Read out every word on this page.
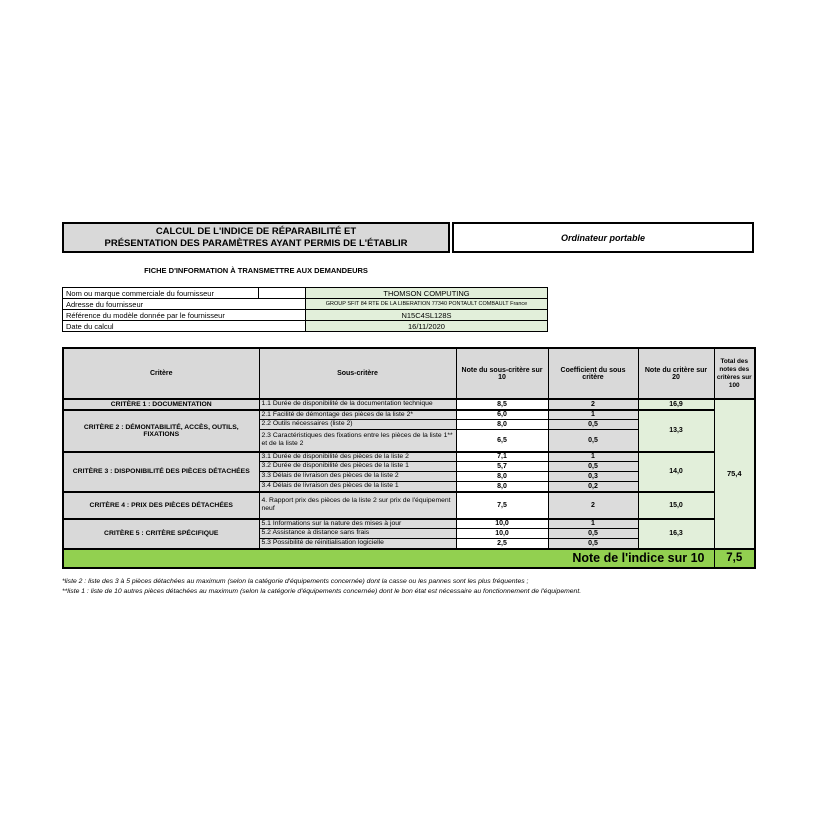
CALCUL DE L'INDICE DE RÉPARABILITÉ ET
PRÉSENTATION DES PARAMÈTRES AYANT PERMIS DE L'ÉTABLIR	Ordinateur portable
FICHE D'INFORMATION À TRANSMETTRE AUX DEMANDEURS
Nom ou marque commerciale du fournisseur		THOMSON COMPUTING
Adresse du fournisseur		GROUP SFIT 84 RTE DE LA LIBERATION 77340 PONTAULT COMBAULT France
Référence du modèle donnée par le fournisseur		N15C4SL128S
Date du calcul		16/11/2020
Critère	Sous-critère	Note du sous-critère sur 10	Coefficient du sous critère	Note du critère sur 20	Total des notes des critères sur 100
CRITÈRE 1 : DOCUMENTATION	1.1 Durée de disponibilité de la documentation technique	8,5	2	16,9	75,4
CRITÈRE 2 : DÉMONTABILITÉ, ACCÈS, OUTILS, FIXATIONS	2.1 Facilité de démontage des pièces de la liste 2*	6,0	1	13,3	
	2.2 Outils nécessaires (liste 2)	8,0	0,5		
	2.3 Caractéristiques des fixations entre les pièces de la liste 1** et de la liste 2	6,5	0,5		
CRITÈRE 3 : DISPONIBILITÉ DES PIÈCES DÉTACHÉES	3.1 Durée de disponibilité des pièces de la liste 2	7,1	1	14,0	
	3.2 Durée de disponibilité des pièces de la liste 1	5,7	0,5		
	3.3 Délais de livraison des pièces de la liste 2	8,0	0,3		
	3.4 Délais de livraison des pièces de la liste 1	8,0	0,2		
CRITÈRE 4 : PRIX DES PIÈCES DÉTACHÉES	4. Rapport prix des pièces de la liste 2 sur prix de l'équipement neuf	7,5	2	15,0	
CRITÈRE 5 : CRITÈRE SPÉCIFIQUE	5.1 Informations sur la nature des mises à jour	10,0	1	16,3	
	5.2 Assistance à distance sans frais	10,0	0,5		
	5.3 Possibilité de réinitialisation logicielle	2,5	0,5		
Note de l'indice sur 10					7,5
*liste 2 : liste des 3 à 5 pièces détachées au maximum (selon la catégorie d'équipements concernée) dont la casse ou les pannes sont les plus fréquentes ;
**liste 1 : liste de 10 autres pièces détachées au maximum (selon la catégorie d'équipements concernée) dont le bon état est nécessaire au fonctionnement de l'équipement.
